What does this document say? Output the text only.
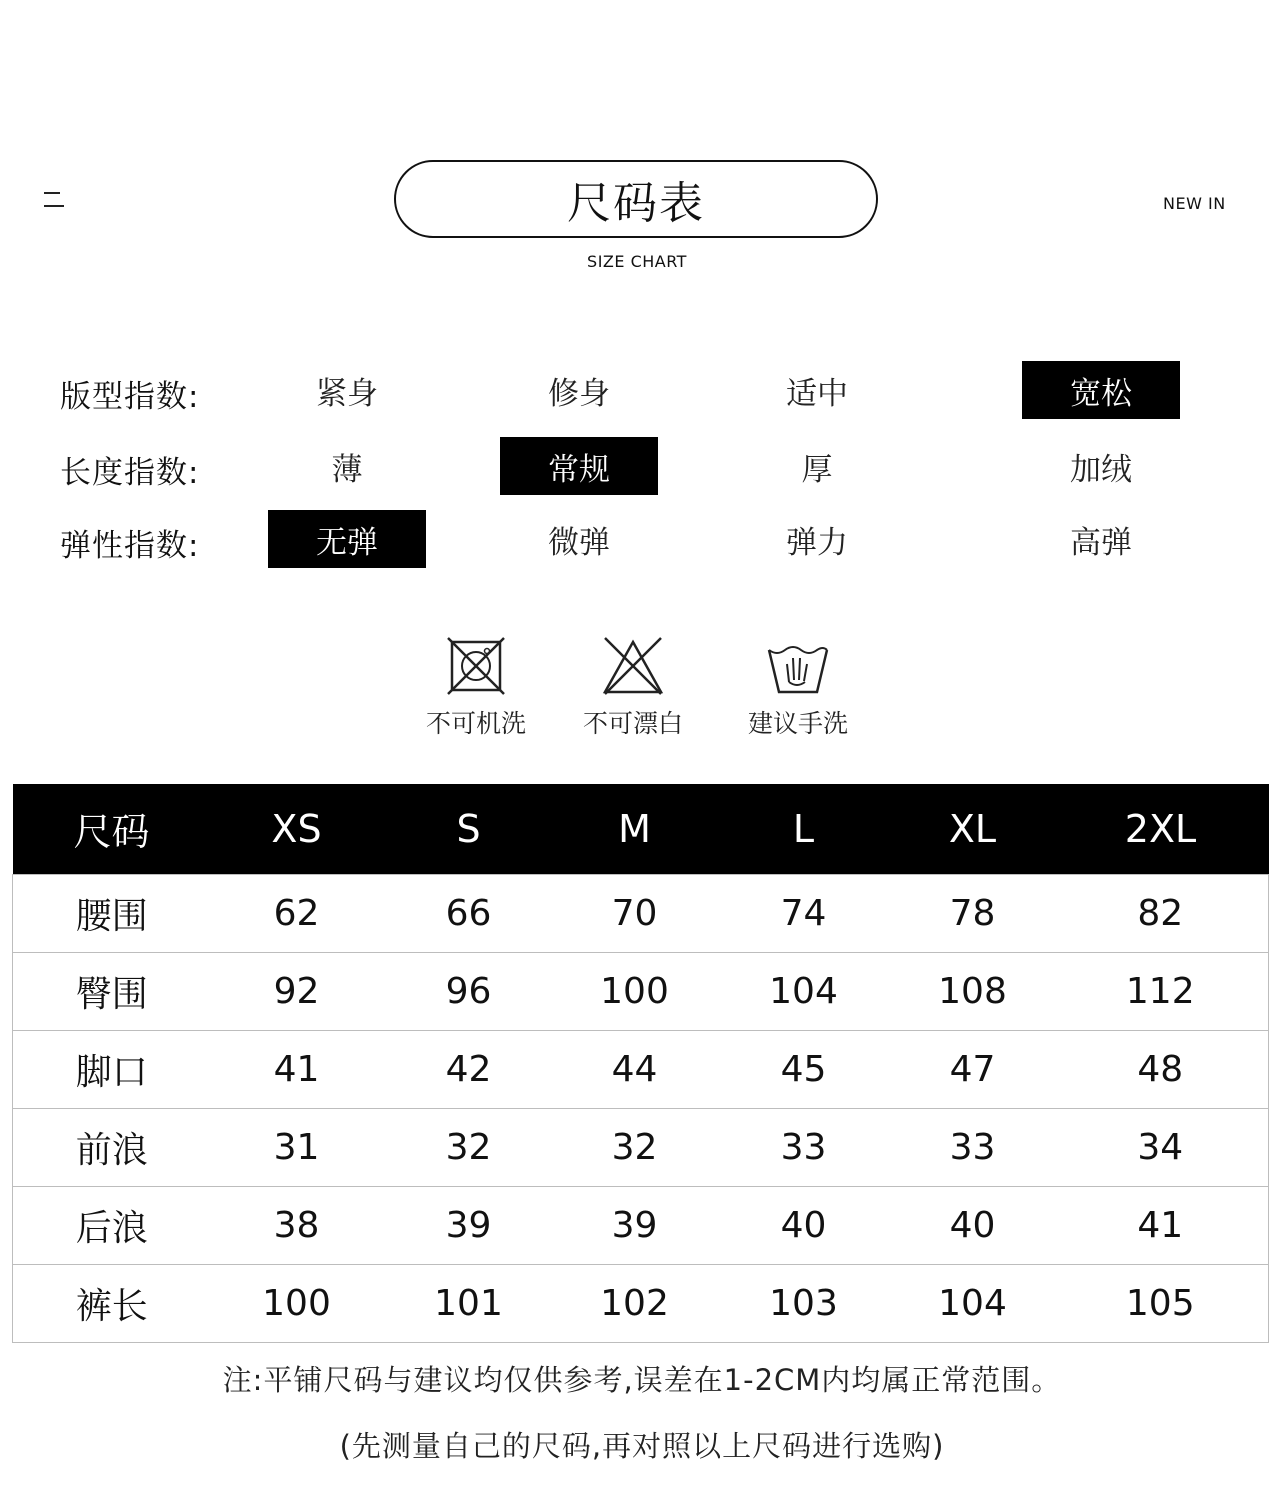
尺码表
SIZE CHART
NEW IN
版型指数:	紧身	修身	适中	宽松
长度指数:	薄	常规	厚	加绒
弹性指数:	无弹	微弹	弹力	高弹
不可机洗	不可漂白	建议手洗
尺码	XS	S	M	L	XL	2XL
腰围	62	66	70	74	78	82
臀围	92	96	100	104	108	112
脚口	41	42	44	45	47	48
前浪	31	32	32	33	33	34
后浪	38	39	39	40	40	41
裤长	100	101	102	103	104	105
注:平铺尺码与建议均仅供参考,误差在1-2CM内均属正常范围。
(先测量自己的尺码,再对照以上尺码进行选购)
